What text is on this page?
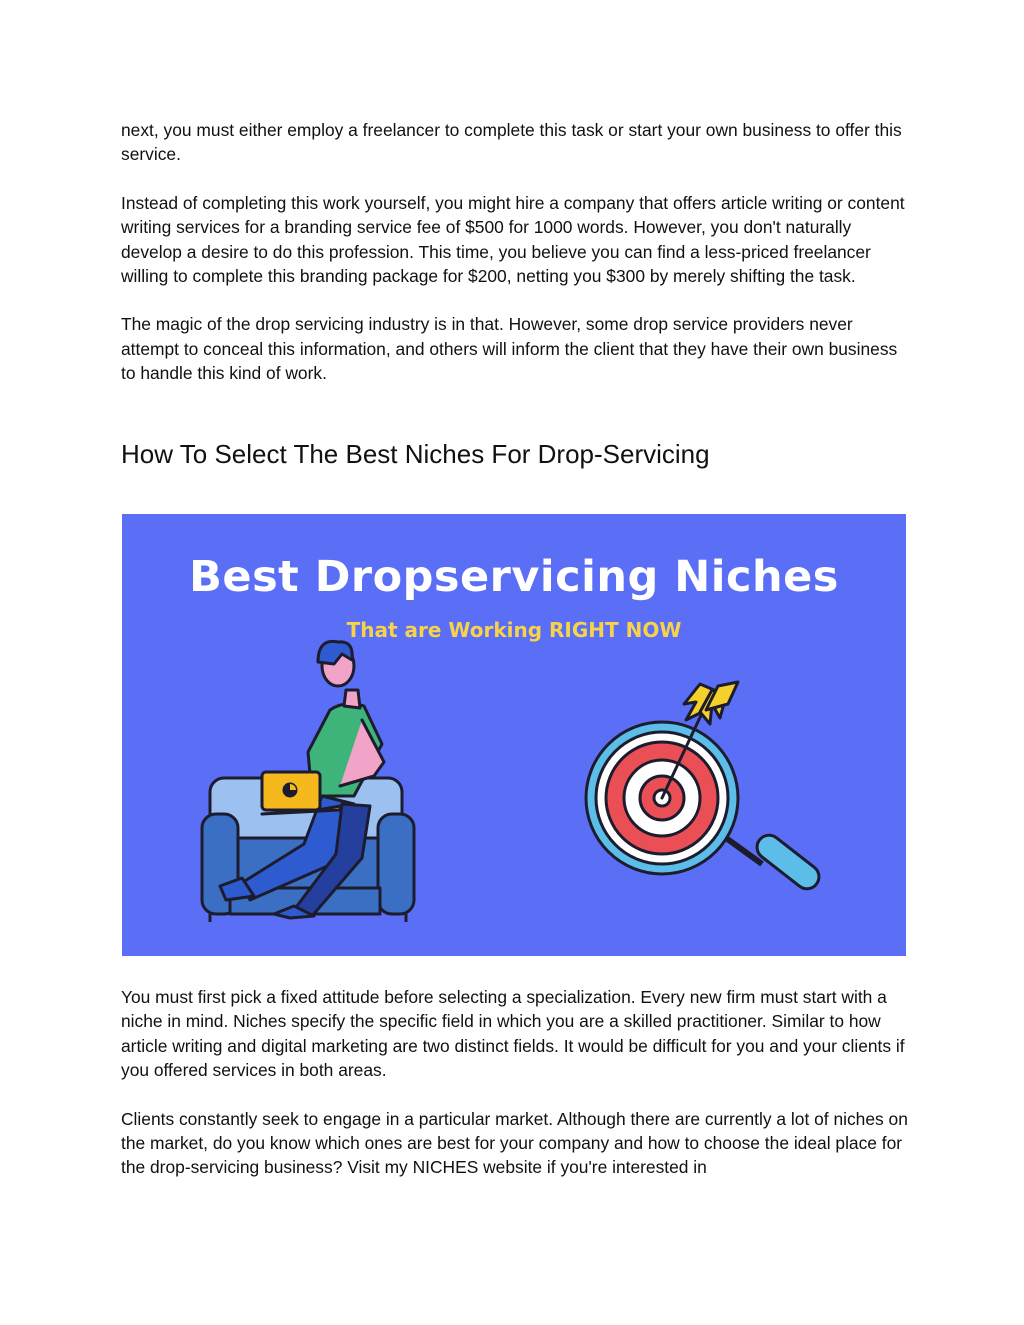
next, you must either employ a freelancer to complete this task or start your own business to offer this service.

Instead of completing this work yourself, you might hire a company that offers article writing or content writing services for a branding service fee of $500 for 1000 words. However, you don't naturally develop a desire to do this profession. This time, you believe you can find a less-priced freelancer willing to complete this branding package for $200, netting you $300 by merely shifting the task.

The magic of the drop servicing industry is in that. However, some drop service providers never attempt to conceal this information, and others will inform the client that they have their own business to handle this kind of work.

How To Select The Best Niches For Drop-Servicing
Best Dropservicing Niches
That are Working RIGHT NOW

You must first pick a fixed attitude before selecting a specialization. Every new firm must start with a niche in mind. Niches specify the specific field in which you are a skilled practitioner. Similar to how article writing and digital marketing are two distinct fields. It would be difficult for you and your clients if you offered services in both areas.

Clients constantly seek to engage in a particular market. Although there are currently a lot of niches on the market, do you know which ones are best for your company and how to choose the ideal place for the drop-servicing business? Visit my NICHES website if you're interested in
